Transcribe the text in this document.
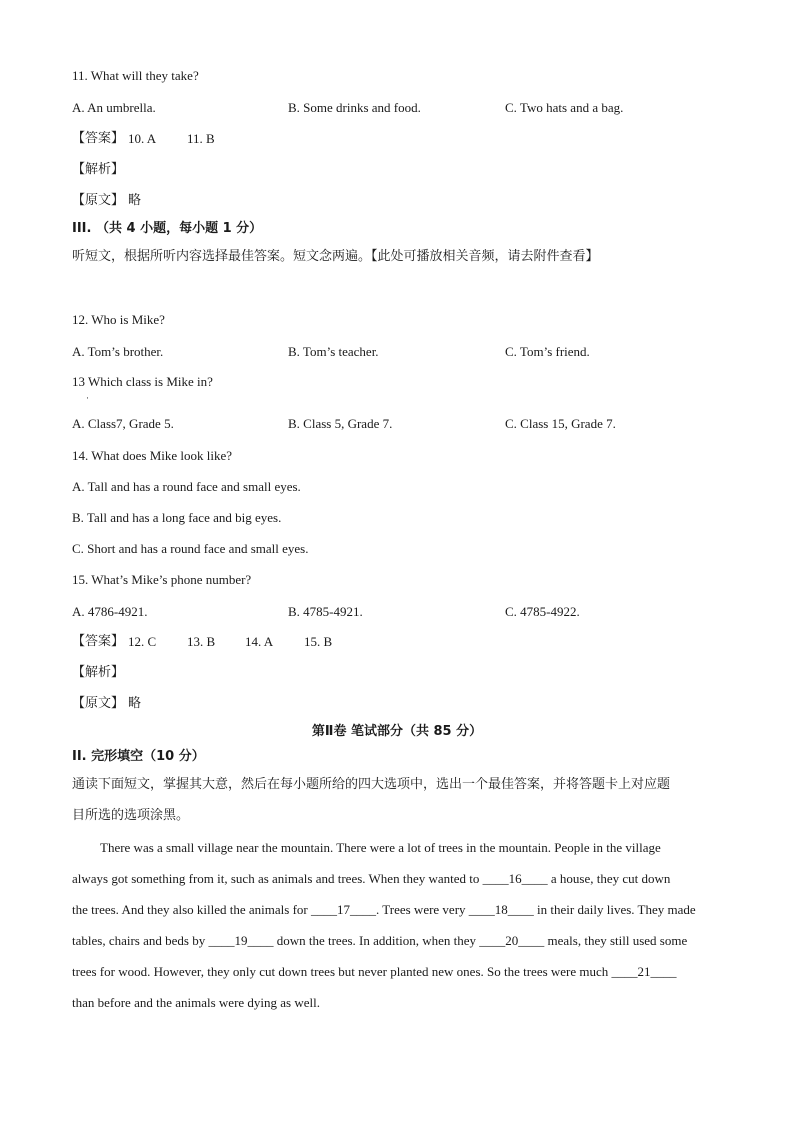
11. What will they take?
A. An umbrella.	B. Some drinks and food.	C. Two hats and a bag.
【答案】 10. A 11. B
【解析】
【原文】 略
III. （共 4 小题，每小题 1 分）
听短文，根据所听内容选择最佳答案。短文念两遍。【此处可播放相关音频，请去附件查看】
12. Who is Mike?
A. Tom’s brother.	B. Tom’s teacher.	C. Tom’s friend.
13 Which class is Mike in?
·
A. Class7, Grade 5.	B. Class 5, Grade 7.	C. Class 15, Grade 7.
14. What does Mike look like?
A. Tall and has a round face and small eyes.
B. Tall and has a long face and big eyes.
C. Short and has a round face and small eyes.
15. What’s Mike’s phone number?
A. 4786-4921.	B. 4785-4921.	C. 4785-4922.
【答案】 12. C 13. B 14. A 15. B
【解析】
【原文】 略
第Ⅱ卷 笔试部分（共 85 分）
II. 完形填空（10 分）
通读下面短文，掌握其大意，然后在每小题所给的四大选项中，选出一个最佳答案，并将答题卡上对应题
目所选的选项涂黑。
There was a small village near the mountain. There were a lot of trees in the mountain. People in the village
always got something from it, such as animals and trees. When they wanted to ____16____ a house, they cut down
the trees. And they also killed the animals for ____17____. Trees were very ____18____ in their daily lives. They made
tables, chairs and beds by ____19____ down the trees. In addition, when they ____20____ meals, they still used some
trees for wood. However, they only cut down trees but never planted new ones. So the trees were much ____21____
than before and the animals were dying as well.
